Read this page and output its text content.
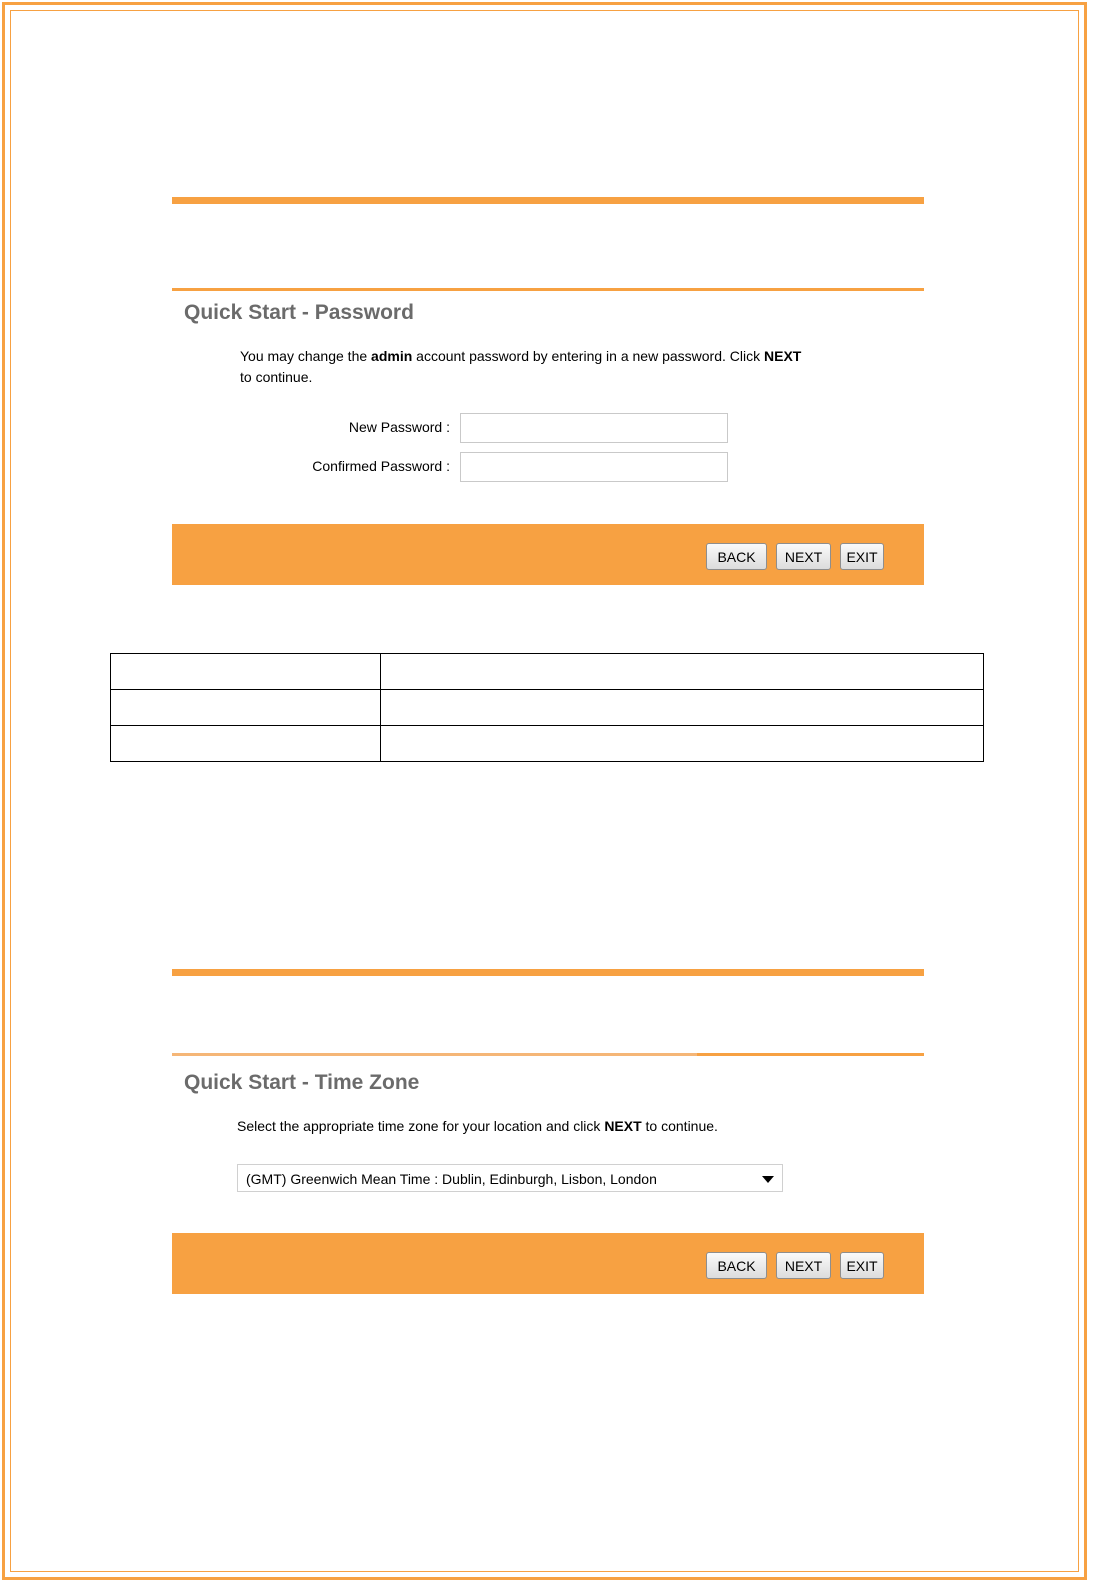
Quick Start - Password
You may change the admin account password by entering in a new password. Click NEXT
to continue.
New Password :
Confirmed Password :
BACK	NEXT	EXIT

Quick Start - Time Zone
Select the appropriate time zone for your location and click NEXT to continue.
(GMT) Greenwich Mean Time : Dublin, Edinburgh, Lisbon, London
BACK	NEXT	EXIT
